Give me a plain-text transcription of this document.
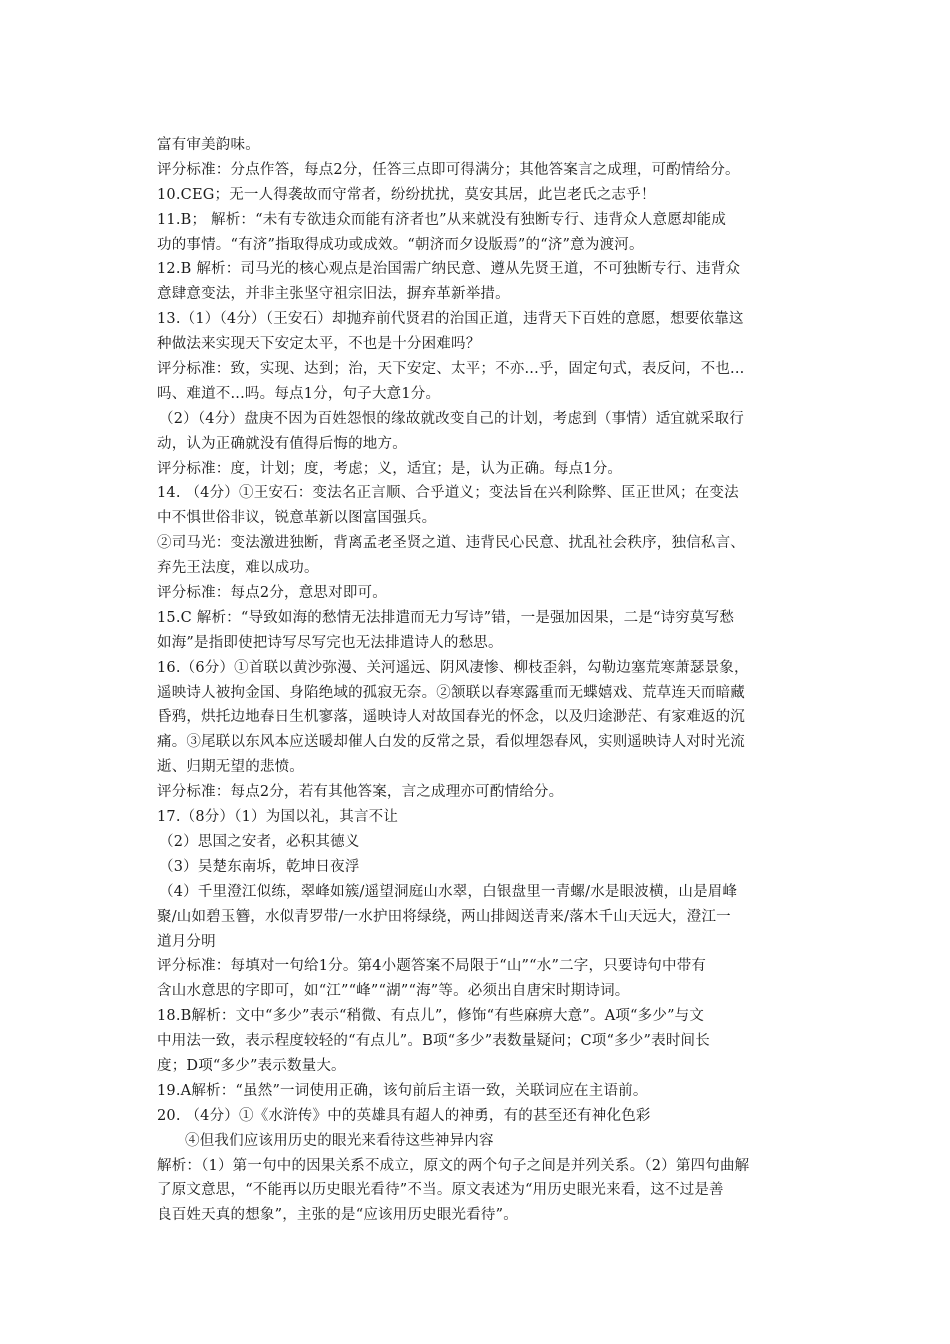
富有审美韵味。
评分标准：分点作答，每点2分，任答三点即可得满分；其他答案言之成理，可酌情给分。
10.CEG；无一人得袭故而守常者，纷纷扰扰，莫安其居，此岂老氏之志乎！
11.B； 解析：“未有专欲违众而能有济者也”从来就没有独断专行、违背众人意愿却能成
功的事情。“有济”指取得成功或成效。“朝济而夕设版焉”的“济”意为渡河。
12.B 解析：司马光的核心观点是治国需广纳民意、遵从先贤王道，不可独断专行、违背众
意肆意变法，并非主张坚守祖宗旧法，摒弃革新举措。
13.（1）（4分）（王安石）却抛弃前代贤君的治国正道，违背天下百姓的意愿，想要依靠这
种做法来实现天下安定太平，不也是十分困难吗？
评分标准：致，实现、达到；治，天下安定、太平；不亦...乎，固定句式，表反问，不也...
吗、难道不...吗。每点1分，句子大意1分。
（2）（4分）盘庚不因为百姓怨恨的缘故就改变自己的计划，考虑到（事情）适宜就采取行
动，认为正确就没有值得后悔的地方。
评分标准：度，计划；度，考虑；义，适宜；是，认为正确。每点1分。
14. （4分）①王安石：变法名正言顺、合乎道义；变法旨在兴利除弊、匡正世风；在变法
中不惧世俗非议，锐意革新以图富国强兵。
②司马光：变法激进独断，背离孟老圣贤之道、违背民心民意、扰乱社会秩序，独信私言、
弃先王法度，难以成功。
评分标准：每点2分，意思对即可。
15.C 解析：“导致如海的愁情无法排遣而无力写诗”错，一是强加因果，二是“诗穷莫写愁
如海”是指即使把诗写尽写完也无法排遣诗人的愁思。
16.（6分）①首联以黄沙弥漫、关河遥远、阴风凄惨、柳枝歪斜，勾勒边塞荒寒萧瑟景象，
遥映诗人被拘金国、身陷绝域的孤寂无奈。②颔联以春寒露重而无蝶嬉戏、荒草连天而暗藏
昏鸦，烘托边地春日生机寥落，遥映诗人对故国春光的怀念，以及归途渺茫、有家难返的沉
痛。③尾联以东风本应送暖却催人白发的反常之景，看似埋怨春风，实则遥映诗人对时光流
逝、归期无望的悲愤。
评分标准：每点2分，若有其他答案，言之成理亦可酌情给分。
17.（8分）（1）为国以礼，其言不让
（2）思国之安者，必积其德义
（3）吴楚东南坼，乾坤日夜浮
（4）千里澄江似练，翠峰如簇/遥望洞庭山水翠，白银盘里一青螺/水是眼波横，山是眉峰
聚/山如碧玉簪，水似青罗带/一水护田将绿绕，两山排闼送青来/落木千山天远大，澄江一
道月分明
评分标准：每填对一句给1分。第4小题答案不局限于“山”“水”二字，只要诗句中带有
含山水意思的字即可，如“江”“峰”“湖”“海”等。必须出自唐宋时期诗词。
18.B解析：文中“多少”表示“稍微、有点儿”，修饰“有些麻痹大意”。A项“多少”与文
中用法一致，表示程度较轻的“有点儿”。B项“多少”表数量疑问；C项“多少”表时间长
度；D项“多少”表示数量大。
19.A解析：“虽然”一词使用正确，该句前后主语一致，关联词应在主语前。
20. （4分）①《水浒传》中的英雄具有超人的神勇，有的甚至还有神化色彩
④但我们应该用历史的眼光来看待这些神异内容
解析：（1）第一句中的因果关系不成立，原文的两个句子之间是并列关系。（2）第四句曲解
了原文意思，“不能再以历史眼光看待”不当。原文表述为“用历史眼光来看，这不过是善
良百姓天真的想象”，主张的是“应该用历史眼光看待”。
